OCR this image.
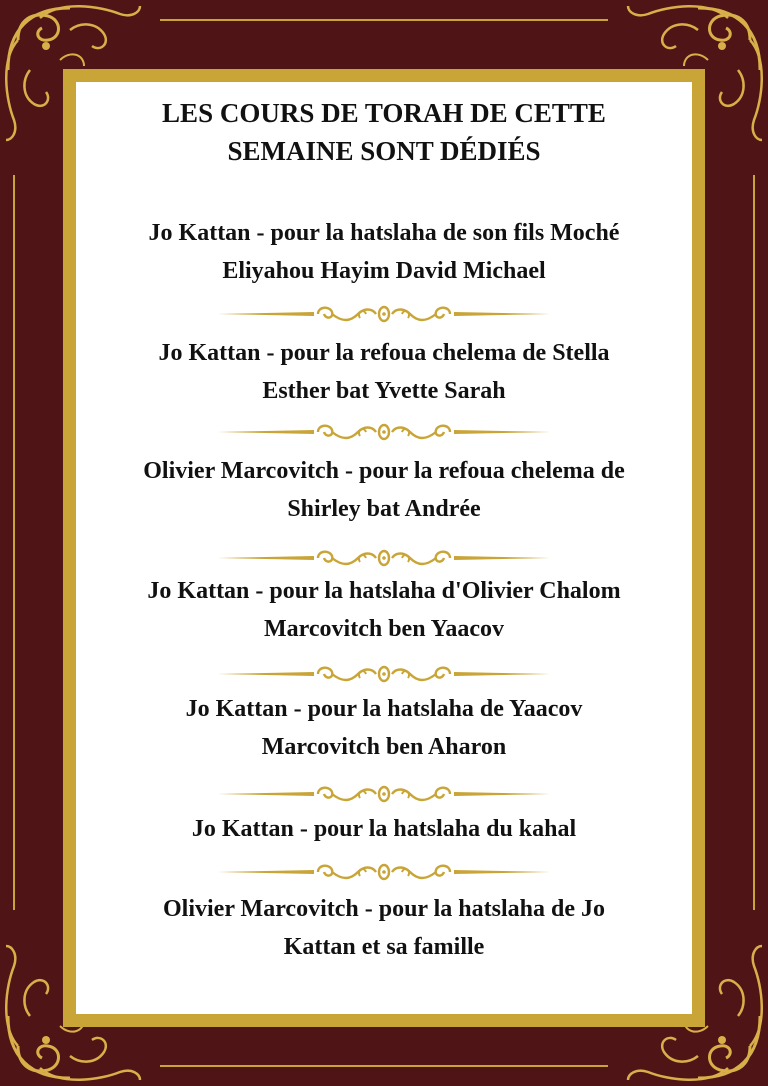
LES COURS DE TORAH DE CETTE
SEMAINE SONT DÉDIÉS
Jo Kattan - pour la hatslaha de son fils Moché
Eliyahou Hayim David Michael
Jo Kattan - pour la refoua chelema de Stella
Esther bat Yvette Sarah
Olivier Marcovitch - pour la refoua chelema de
Shirley bat Andrée
Jo Kattan - pour la hatslaha d'Olivier Chalom
Marcovitch ben Yaacov
Jo Kattan - pour la hatslaha de Yaacov
Marcovitch ben Aharon
Jo Kattan - pour la hatslaha du kahal
Olivier Marcovitch - pour la hatslaha de Jo
Kattan et sa famille
